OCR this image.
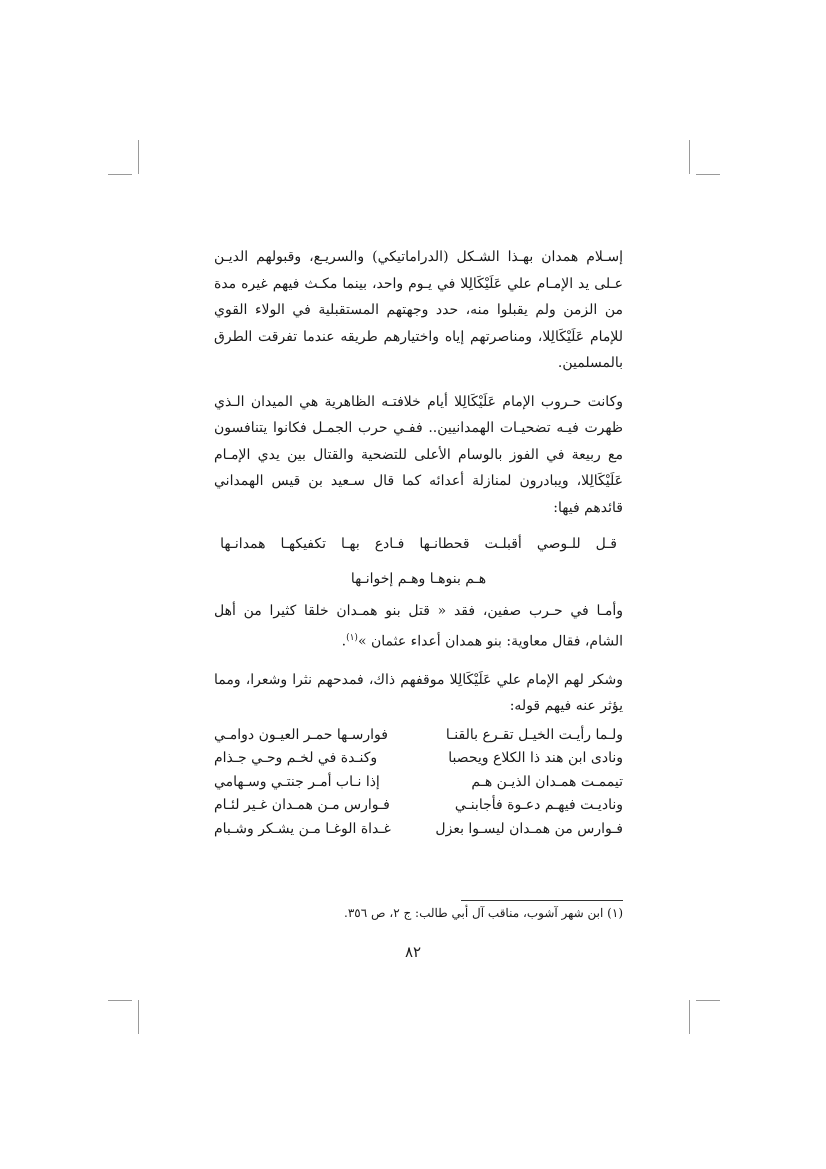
إسـلام همدان بهـذا الشـكل (الدراماتيكي) والسريـع، وقبولهم الديـن عـلى يد الإمـام علي عَلَيْكَالِلا في يـوم واحد، بينما مكـث فيهم غيره مدة من الزمن ولم يقبلوا منه، حدد وجهتهم المستقبلية في الولاء القوي للإمام عَلَيْكَالِلا، ومناصرتهم إياه واختيارهم طريقه عندما تفرقت الطرق بالمسلمين.

وكانت حـروب الإمام عَلَيْكَالِلا أيام خلافتـه الظاهرية هي الميدان الـذي ظهرت فيـه تضحيـات الهمدانيين.. ففـي حرب الجمـل فكانوا يتنافسون مع ربيعة في الفوز بالوسام الأعلى للتضحية والقتال بين يدي الإمـام عَلَيْكَالِلا، ويبادرون لمنازلة أعدائه كما قال سـعيد بن قيس الهمداني قائدهم فيها:

قـل
للـوصي
أقبلـت
قحطانـها
فـادع
بهـا
تكفيكهـا
همدانـها
هـم بنوهـا وهـم إخوانـها

وأمـا في حـرب صفين، فقد « قتل بنو همـدان خلقا كثيرا من أهل الشام، فقال معاوية: بنو همدان أعداء عثمان »$^{(١)}$.

وشكر لهم الإمام علي عَلَيْكَالِلا موقفهم ذاك، فمدحهم نثرا وشعرا، ومما يؤثر عنه فيهم قوله:

ولـما رأيـت الخيـل تقـرع بالقنـا
فوارسـها حمـر العيـون دوامـي
ونادى ابن هند ذا الكلاع ويحصبا
وكنـدة في لخـم وحـي جـذام
تيممـت همـدان الذيـن هـم
إذا نـاب أمـر جنتـي وسـهامي
وناديـت فيهـم دعـوة فأجابنـي
فـوارس مـن همـدان غـير لئـام
فـوارس من همـدان ليسـوا بعزل
غـداة الوغـا مـن يشـكر وشـبام
(١) ابن شهر آشوب، مناقب آل أبي طالب: ج ٢، ص ٣٥٦.
٨٢
